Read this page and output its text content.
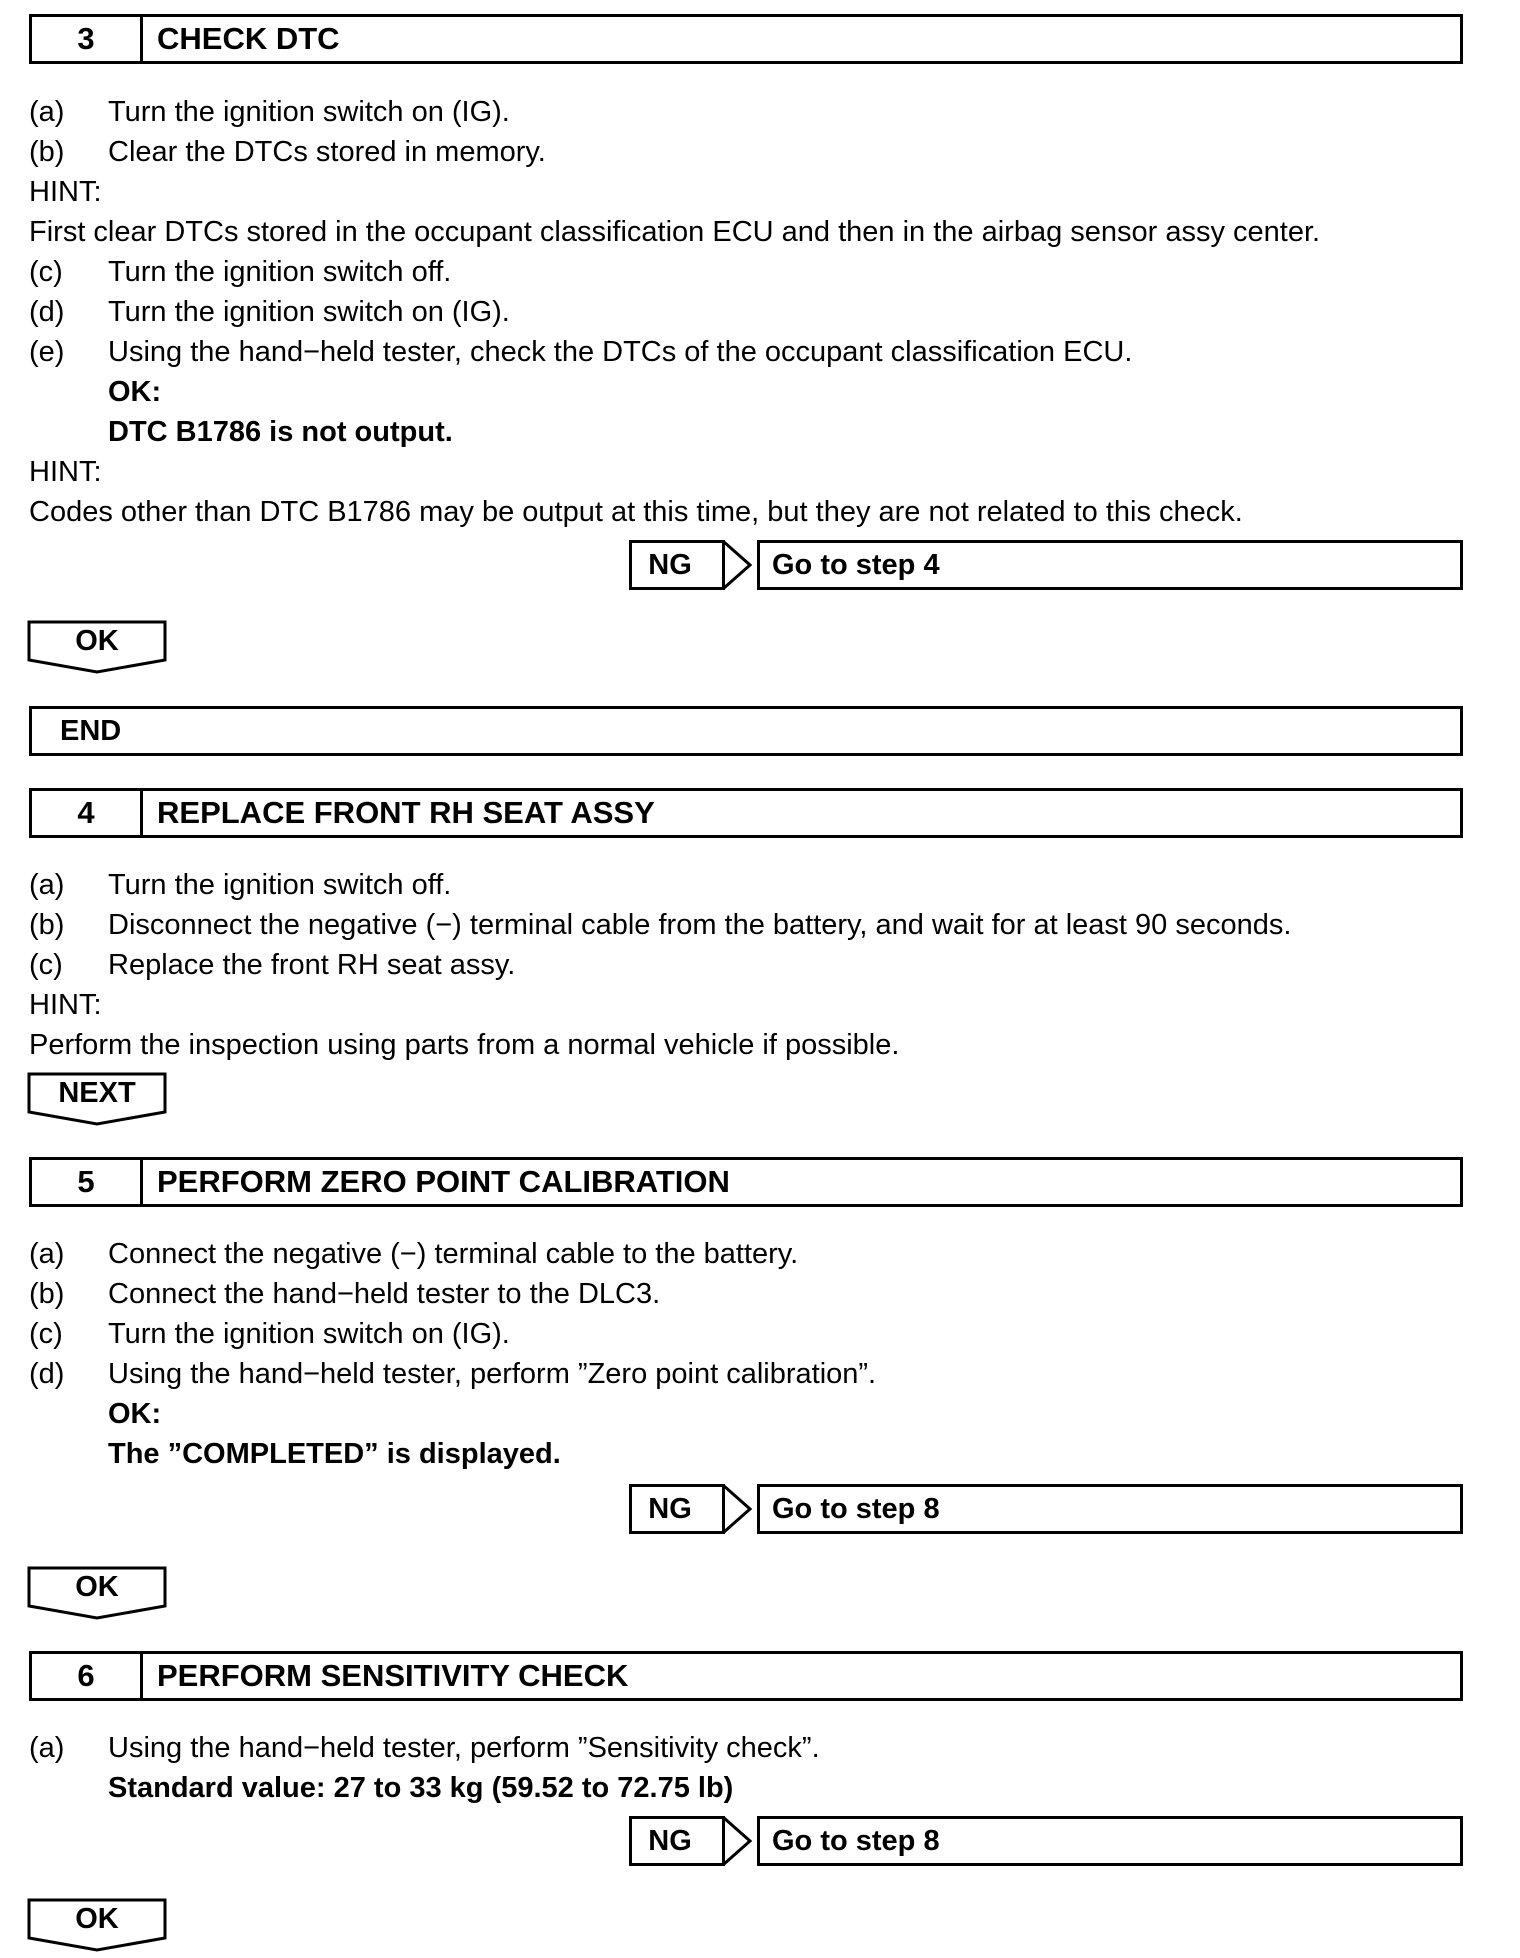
3	CHECK DTC
(a) Turn the ignition switch on (IG).
(b) Clear the DTCs stored in memory.
HINT:
First clear DTCs stored in the occupant classification ECU and then in the airbag sensor assy center.
(c) Turn the ignition switch off.
(d) Turn the ignition switch on (IG).
(e) Using the hand−held tester, check the DTCs of the occupant classification ECU.
OK:
DTC B1786 is not output.
HINT:
Codes other than DTC B1786 may be output at this time, but they are not related to this check.
NG	Go to step 4
OK
END
4	REPLACE FRONT RH SEAT ASSY
(a) Turn the ignition switch off.
(b) Disconnect the negative (−) terminal cable from the battery, and wait for at least 90 seconds.
(c) Replace the front RH seat assy.
HINT:
Perform the inspection using parts from a normal vehicle if possible.
NEXT
5	PERFORM ZERO POINT CALIBRATION
(a) Connect the negative (−) terminal cable to the battery.
(b) Connect the hand−held tester to the DLC3.
(c) Turn the ignition switch on (IG).
(d) Using the hand−held tester, perform ”Zero point calibration”.
OK:
The ”COMPLETED” is displayed.
NG	Go to step 8
OK
6	PERFORM SENSITIVITY CHECK
(a) Using the hand−held tester, perform ”Sensitivity check”.
Standard value: 27 to 33 kg (59.52 to 72.75 lb)
NG	Go to step 8
OK
